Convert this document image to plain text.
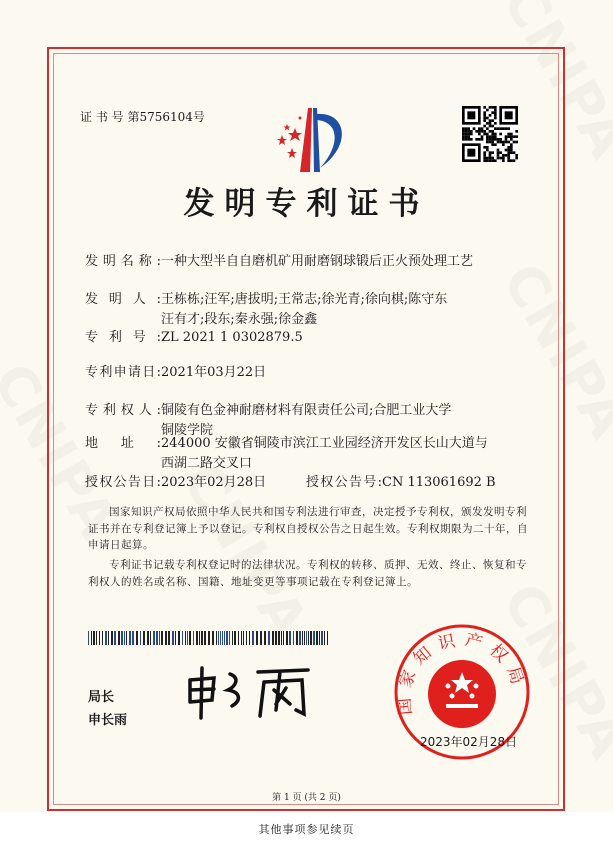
证 书 号 第5756104号
发明专利证书
发明名称:一种大型半自自磨机矿用耐磨钢球锻后正火预处理工艺
发明人: 王栋栋;汪军;唐拔明;王常志;徐光青;徐向棋;陈守东
汪有才;段东;秦永强;徐金鑫
专利号:ZL 2021 1 0302879.5
专利申请日:2021年03月22日
专利权人: 铜陵有色金神耐磨材料有限责任公司;合肥工业大学
铜陵学院
地址: 244000 安徽省铜陵市滨江工业园经济开发区长山大道与
西湖二路交叉口
授权公告日:2023年02月28日	授权公告号:CN 113061692 B
国家知识产权局依照中华人民共和国专利法进行审查，决定授予专利权，颁发发明专利证书并在专利登记簿上予以登记。专利权自授权公告之日起生效。专利权期限为二十年，自申请日起算。
专利证书记载专利权登记时的法律状况。专利权的转移、质押、无效、终止、恢复和专利权人的姓名或名称、国籍、地址变更等事项记载在专利登记簿上。
局长
申长雨
国家知识产权局
2023年02月28日
第 1 页 (共 2 页)
其他事项参见续页
